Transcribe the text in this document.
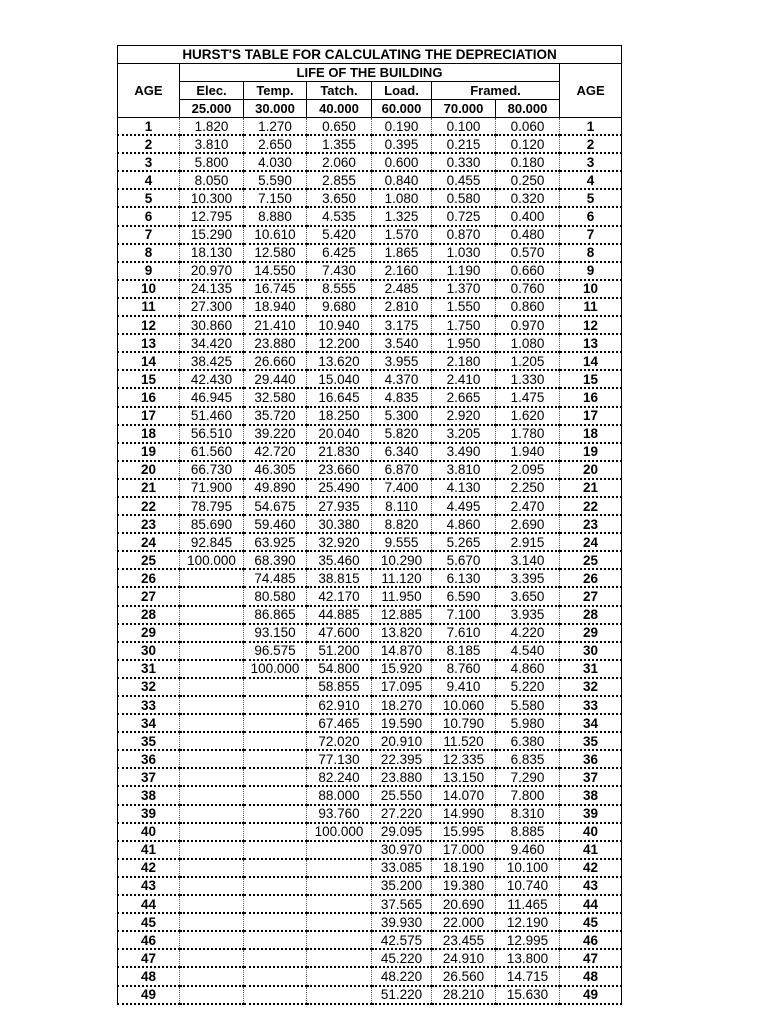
HURST'S TABLE FOR CALCULATING THE DEPRECIATION							
AGE	LIFE OF THE BUILDING						AGE
	Elec.	Temp.	Tatch.	Load.	Framed.		
	25.000	30.000	40.000	60.000	70.000	80.000	
1	1.820	1.270	0.650	0.190	0.100	0.060	1
2	3.810	2.650	1.355	0.395	0.215	0.120	2
3	5.800	4.030	2.060	0.600	0.330	0.180	3
4	8.050	5.590	2.855	0.840	0.455	0.250	4
5	10.300	7.150	3.650	1.080	0.580	0.320	5
6	12.795	8.880	4.535	1.325	0.725	0.400	6
7	15.290	10.610	5.420	1.570	0.870	0.480	7
8	18.130	12.580	6.425	1.865	1.030	0.570	8
9	20.970	14.550	7.430	2.160	1.190	0.660	9
10	24.135	16.745	8.555	2.485	1.370	0.760	10
11	27.300	18.940	9.680	2.810	1.550	0.860	11
12	30.860	21.410	10.940	3.175	1.750	0.970	12
13	34.420	23.880	12.200	3.540	1.950	1.080	13
14	38.425	26.660	13.620	3.955	2.180	1.205	14
15	42.430	29.440	15.040	4.370	2.410	1.330	15
16	46.945	32.580	16.645	4.835	2.665	1.475	16
17	51.460	35.720	18.250	5.300	2.920	1.620	17
18	56.510	39.220	20.040	5.820	3.205	1.780	18
19	61.560	42.720	21.830	6.340	3.490	1.940	19
20	66.730	46.305	23.660	6.870	3.810	2.095	20
21	71.900	49.890	25.490	7.400	4.130	2.250	21
22	78.795	54.675	27.935	8.110	4.495	2.470	22
23	85.690	59.460	30.380	8.820	4.860	2.690	23
24	92.845	63.925	32.920	9.555	5.265	2.915	24
25	100.000	68.390	35.460	10.290	5.670	3.140	25
26		74.485	38.815	11.120	6.130	3.395	26
27		80.580	42.170	11.950	6.590	3.650	27
28		86.865	44.885	12.885	7.100	3.935	28
29		93.150	47.600	13.820	7.610	4.220	29
30		96.575	51.200	14.870	8.185	4.540	30
31		100.000	54.800	15.920	8.760	4.860	31
32			58.855	17.095	9.410	5.220	32
33			62.910	18.270	10.060	5.580	33
34			67.465	19.590	10.790	5.980	34
35			72.020	20.910	11.520	6.380	35
36			77.130	22.395	12.335	6.835	36
37			82.240	23.880	13.150	7.290	37
38			88.000	25.550	14.070	7.800	38
39			93.760	27.220	14.990	8.310	39
40			100.000	29.095	15.995	8.885	40
41				30.970	17.000	9.460	41
42				33.085	18.190	10.100	42
43				35.200	19.380	10.740	43
44				37.565	20.690	11.465	44
45				39.930	22.000	12.190	45
46				42.575	23.455	12.995	46
47				45.220	24.910	13.800	47
48				48.220	26.560	14.715	48
49				51.220	28.210	15.630	49
